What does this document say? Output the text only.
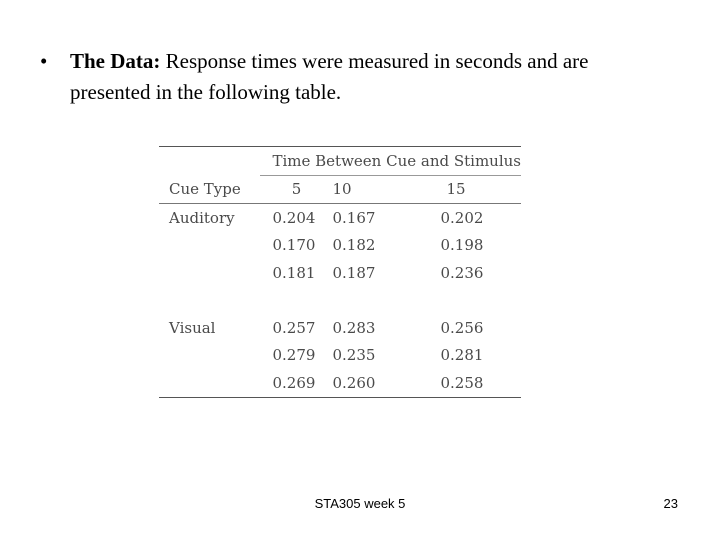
• The Data: Response times were measured in seconds and are presented in the following table.
	Time Between Cue and Stimulus		
Cue Type	5	10	15
Auditory	0.204	0.167	0.202
	0.170	0.182	0.198
	0.181	0.187	0.236

Visual	0.257	0.283	0.256
	0.279	0.235	0.281
	0.269	0.260	0.258
STA305 week 5	23
